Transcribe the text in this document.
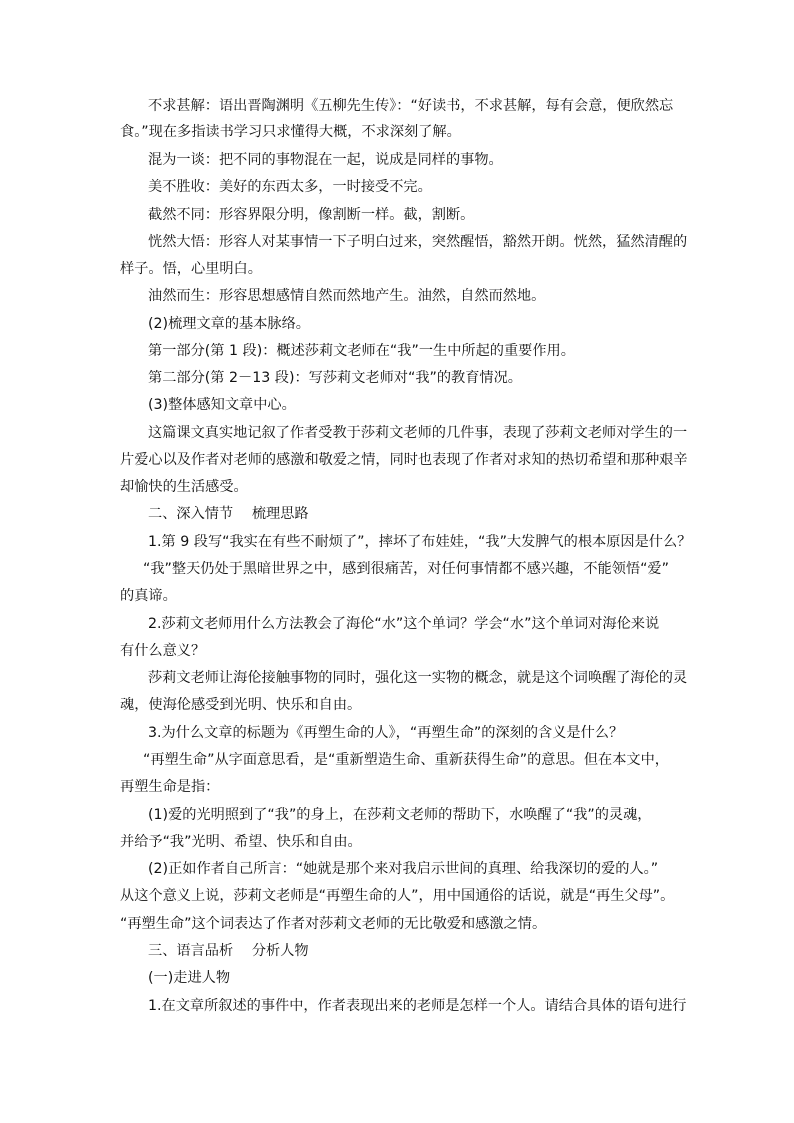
不求甚解：语出晋陶渊明《五柳先生传》：“好读书，不求甚解，每有会意，便欣然忘
食。”现在多指读书学习只求懂得大概，不求深刻了解。
混为一谈：把不同的事物混在一起，说成是同样的事物。
美不胜收：美好的东西太多，一时接受不完。
截然不同：形容界限分明，像割断一样。截，割断。
恍然大悟：形容人对某事情一下子明白过来，突然醒悟，豁然开朗。恍然，猛然清醒的
样子。悟，心里明白。
油然而生：形容思想感情自然而然地产生。油然，自然而然地。
(2)梳理文章的基本脉络。
第一部分(第 1 段)：概述莎莉文老师在“我”一生中所起的重要作用。
第二部分(第 2－13 段)：写莎莉文老师对“我”的教育情况。
(3)整体感知文章中心。
这篇课文真实地记叙了作者受教于莎莉文老师的几件事，表现了莎莉文老师对学生的一
片爱心以及作者对老师的感激和敬爱之情，同时也表现了作者对求知的热切希望和那种艰辛
却愉快的生活感受。
二、深入情节　 梳理思路
1.第 9 段写“我实在有些不耐烦了”，摔坏了布娃娃，“我”大发脾气的根本原因是什么？
“我”整天仍处于黑暗世界之中，感到很痛苦，对任何事情都不感兴趣，不能领悟“爱”
的真谛。
2.莎莉文老师用什么方法教会了海伦“水”这个单词？学会“水”这个单词对海伦来说
有什么意义？
莎莉文老师让海伦接触事物的同时，强化这一实物的概念，就是这个词唤醒了海伦的灵
魂，使海伦感受到光明、快乐和自由。
3.为什么文章的标题为《再塑生命的人》，“再塑生命”的深刻的含义是什么？
“再塑生命”从字面意思看，是“重新塑造生命、重新获得生命”的意思。但在本文中，
再塑生命是指：
(1)爱的光明照到了“我”的身上，在莎莉文老师的帮助下，水唤醒了“我”的灵魂，
并给予“我”光明、希望、快乐和自由。
(2)正如作者自己所言：“她就是那个来对我启示世间的真理、给我深切的爱的人。”
从这个意义上说，莎莉文老师是“再塑生命的人”，用中国通俗的话说，就是“再生父母”。
“再塑生命”这个词表达了作者对莎莉文老师的无比敬爱和感激之情。
三、语言品析　 分析人物
(一)走进人物
1.在文章所叙述的事件中，作者表现出来的老师是怎样一个人。请结合具体的语句进行
